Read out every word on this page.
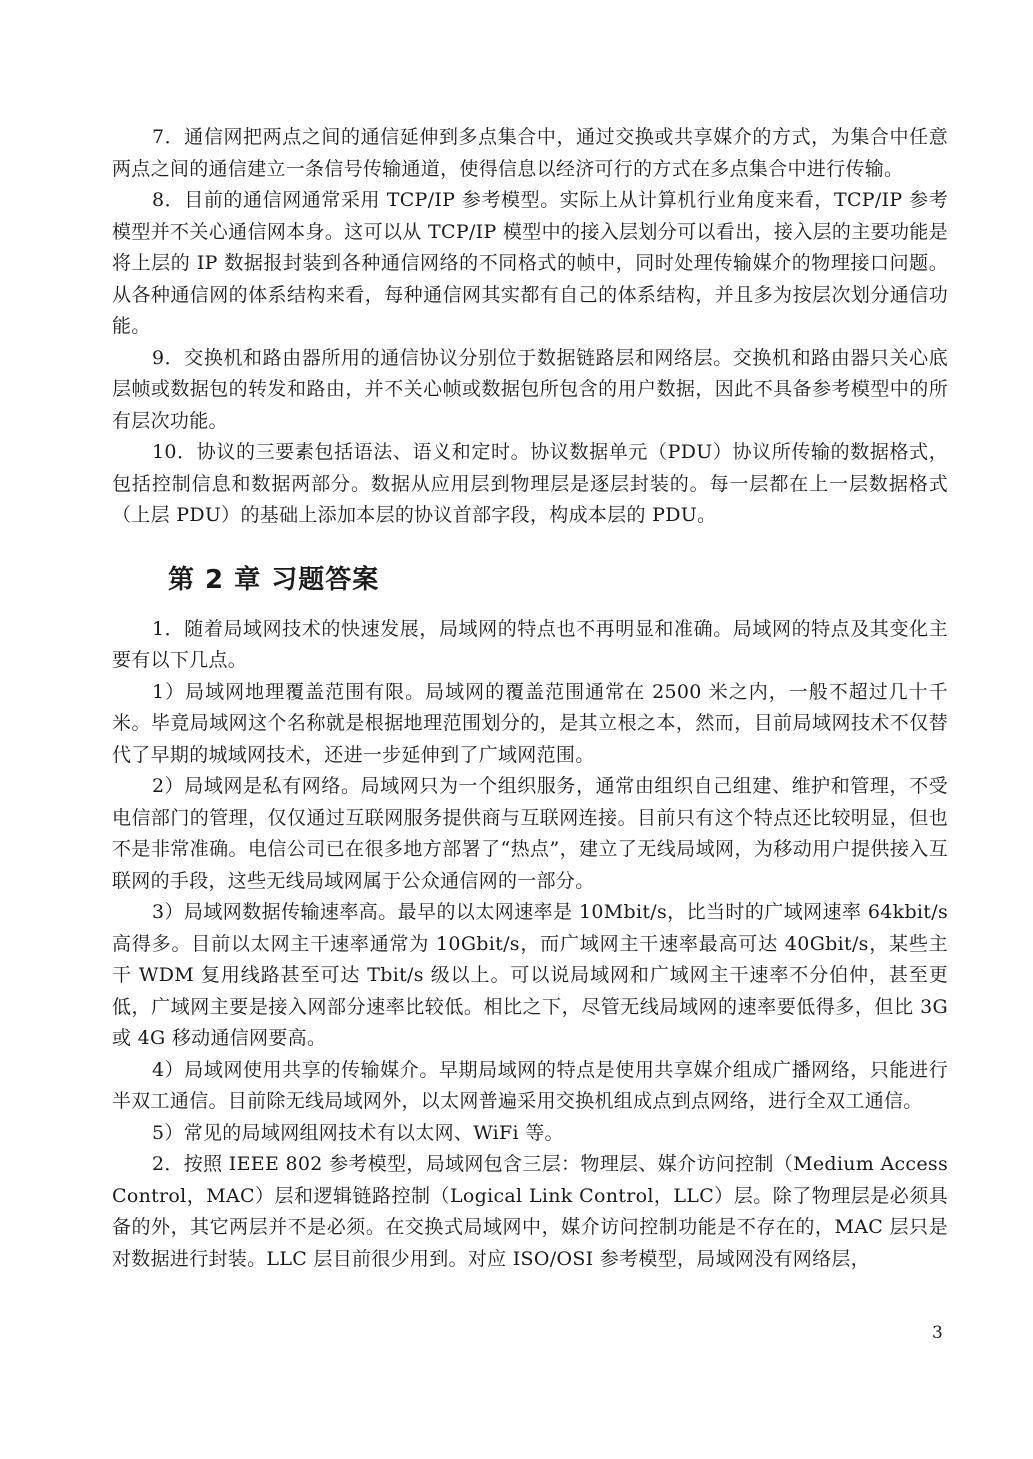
7．通信网把两点之间的通信延伸到多点集合中，通过交换或共享媒介的方式，为集合中任意两点之间的通信建立一条信号传输通道，使得信息以经济可行的方式在多点集合中进行传输。

8．目前的通信网通常采用 TCP/IP 参考模型。实际上从计算机行业角度来看，TCP/IP 参考模型并不关心通信网本身。这可以从 TCP/IP 模型中的接入层划分可以看出，接入层的主要功能是将上层的 IP 数据报封装到各种通信网络的不同格式的帧中，同时处理传输媒介的物理接口问题。从各种通信网的体系结构来看，每种通信网其实都有自己的体系结构，并且多为按层次划分通信功能。

9．交换机和路由器所用的通信协议分别位于数据链路层和网络层。交换机和路由器只关心底层帧或数据包的转发和路由，并不关心帧或数据包所包含的用户数据，因此不具备参考模型中的所有层次功能。

10．协议的三要素包括语法、语义和定时。协议数据单元（PDU）协议所传输的数据格式，包括控制信息和数据两部分。数据从应用层到物理层是逐层封装的。每一层都在上一层数据格式（上层 PDU）的基础上添加本层的协议首部字段，构成本层的 PDU。

第 2 章 习题答案

1．随着局域网技术的快速发展，局域网的特点也不再明显和准确。局域网的特点及其变化主要有以下几点。

1）局域网地理覆盖范围有限。局域网的覆盖范围通常在 2500 米之内，一般不超过几十千米。毕竟局域网这个名称就是根据地理范围划分的，是其立根之本，然而，目前局域网技术不仅替代了早期的城域网技术，还进一步延伸到了广域网范围。

2）局域网是私有网络。局域网只为一个组织服务，通常由组织自己组建、维护和管理，不受电信部门的管理，仅仅通过互联网服务提供商与互联网连接。目前只有这个特点还比较明显，但也不是非常准确。电信公司已在很多地方部署了“热点”，建立了无线局域网，为移动用户提供接入互联网的手段，这些无线局域网属于公众通信网的一部分。

3）局域网数据传输速率高。最早的以太网速率是 10Mbit/s，比当时的广域网速率 64kbit/s 高得多。目前以太网主干速率通常为 10Gbit/s，而广域网主干速率最高可达 40Gbit/s，某些主干 WDM 复用线路甚至可达 Tbit/s 级以上。可以说局域网和广域网主干速率不分伯仲，甚至更低，广域网主要是接入网部分速率比较低。相比之下，尽管无线局域网的速率要低得多，但比 3G 或 4G 移动通信网要高。

4）局域网使用共享的传输媒介。早期局域网的特点是使用共享媒介组成广播网络，只能进行半双工通信。目前除无线局域网外，以太网普遍采用交换机组成点到点网络，进行全双工通信。

5）常见的局域网组网技术有以太网、WiFi 等。

2．按照 IEEE 802 参考模型，局域网包含三层：物理层、媒介访问控制（Medium Access Control，MAC）层和逻辑链路控制（Logical Link Control，LLC）层。除了物理层是必须具备的外，其它两层并不是必须。在交换式局域网中，媒介访问控制功能是不存在的，MAC 层只是对数据进行封装。LLC 层目前很少用到。对应 ISO/OSI 参考模型，局域网没有网络层，

3
